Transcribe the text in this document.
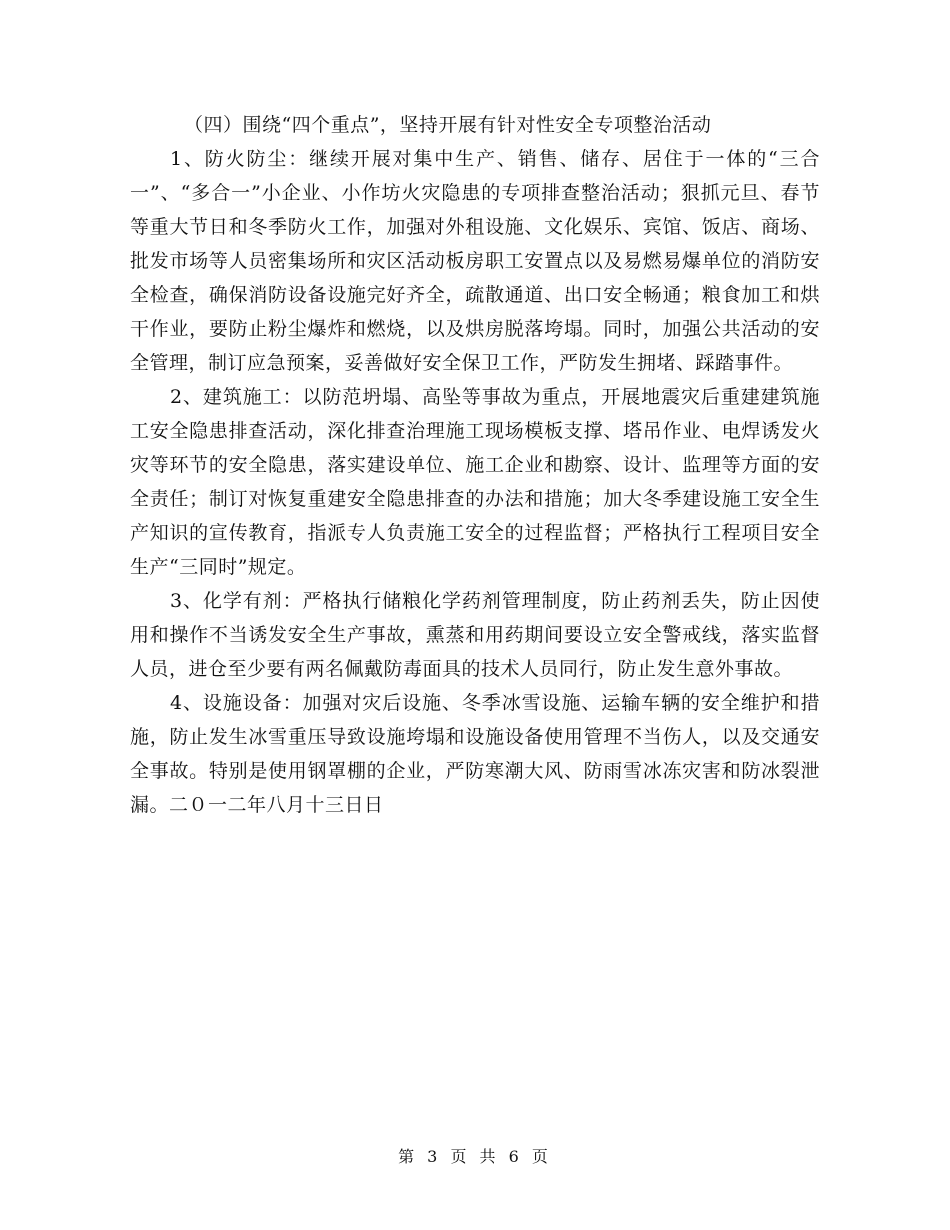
（四）围绕“四个重点”，坚持开展有针对性安全专项整治活动

1、防火防尘：继续开展对集中生产、销售、储存、居住于一体的“三合一”、“多合一”小企业、小作坊火灾隐患的专项排查整治活动；狠抓元旦、春节等重大节日和冬季防火工作，加强对外租设施、文化娱乐、宾馆、饭店、商场、批发市场等人员密集场所和灾区活动板房职工安置点以及易燃易爆单位的消防安全检查，确保消防设备设施完好齐全，疏散通道、出口安全畅通；粮食加工和烘干作业，要防止粉尘爆炸和燃烧，以及烘房脱落垮塌。同时，加强公共活动的安全管理，制订应急预案，妥善做好安全保卫工作，严防发生拥堵、踩踏事件。

2、建筑施工：以防范坍塌、高坠等事故为重点，开展地震灾后重建建筑施工安全隐患排查活动，深化排查治理施工现场模板支撑、塔吊作业、电焊诱发火灾等环节的安全隐患，落实建设单位、施工企业和勘察、设计、监理等方面的安全责任；制订对恢复重建安全隐患排查的办法和措施；加大冬季建设施工安全生产知识的宣传教育，指派专人负责施工安全的过程监督；严格执行工程项目安全生产“三同时”规定。

3、化学有剂：严格执行储粮化学药剂管理制度，防止药剂丢失，防止因使用和操作不当诱发安全生产事故，熏蒸和用药期间要设立安全警戒线，落实监督人员，进仓至少要有两名佩戴防毒面具的技术人员同行，防止发生意外事故。

4、设施设备：加强对灾后设施、冬季冰雪设施、运输车辆的安全维护和措施，防止发生冰雪重压导致设施垮塌和设施设备使用管理不当伤人，以及交通安全事故。特别是使用钢罩棚的企业，严防寒潮大风、防雨雪冰冻灾害和防冰裂泄漏。二０一二年八月十三日日

第 3 页 共 6 页
